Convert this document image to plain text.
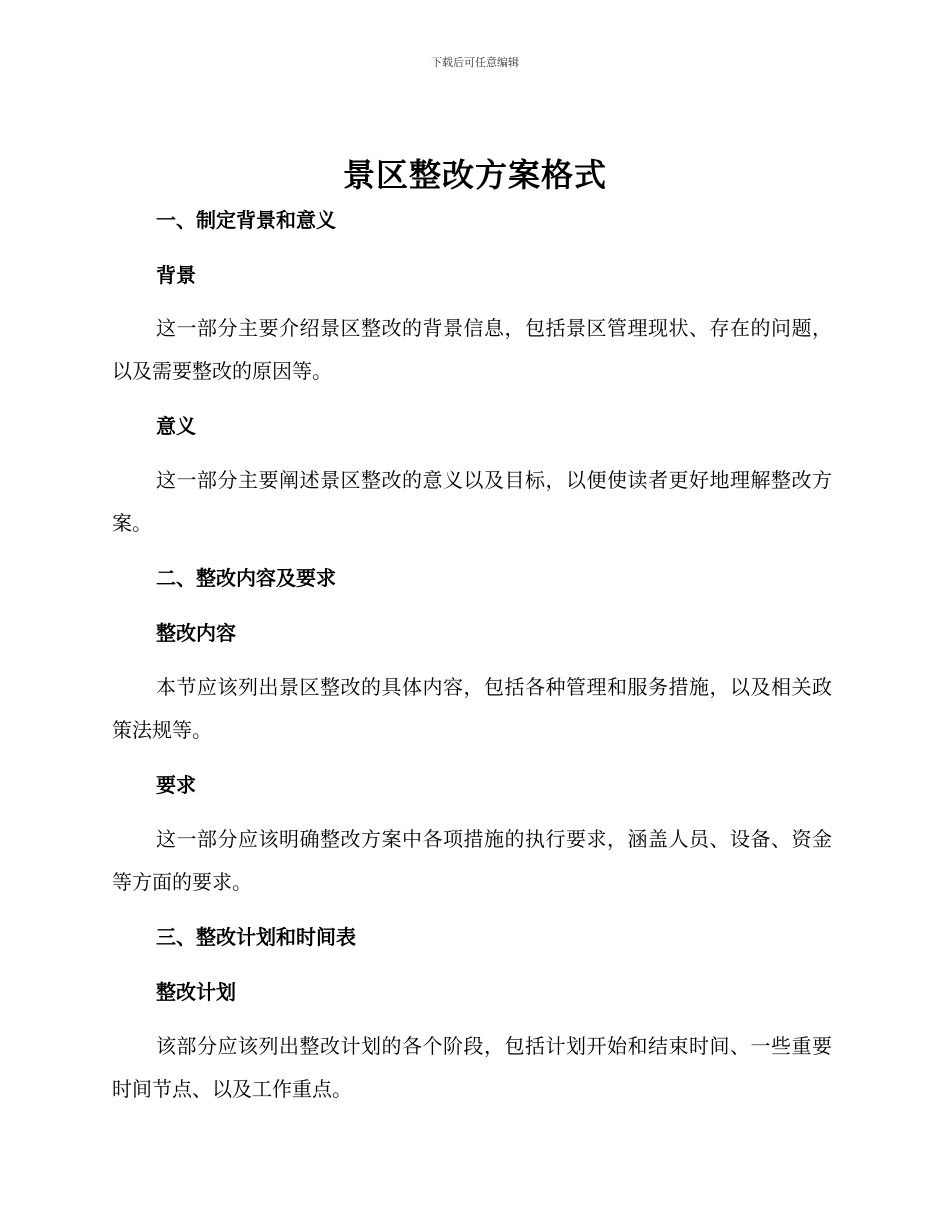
下载后可任意编辑
景区整改方案格式
一、制定背景和意义
背景

这一部分主要介绍景区整改的背景信息，包括景区管理现状、存在的问题，以及需要整改的原因等。

意义

这一部分主要阐述景区整改的意义以及目标，以便使读者更好地理解整改方案。

二、整改内容及要求
整改内容

本节应该列出景区整改的具体内容，包括各种管理和服务措施，以及相关政策法规等。

要求

这一部分应该明确整改方案中各项措施的执行要求，涵盖人员、设备、资金等方面的要求。

三、整改计划和时间表
整改计划

该部分应该列出整改计划的各个阶段，包括计划开始和结束时间、一些重要时间节点、以及工作重点。
